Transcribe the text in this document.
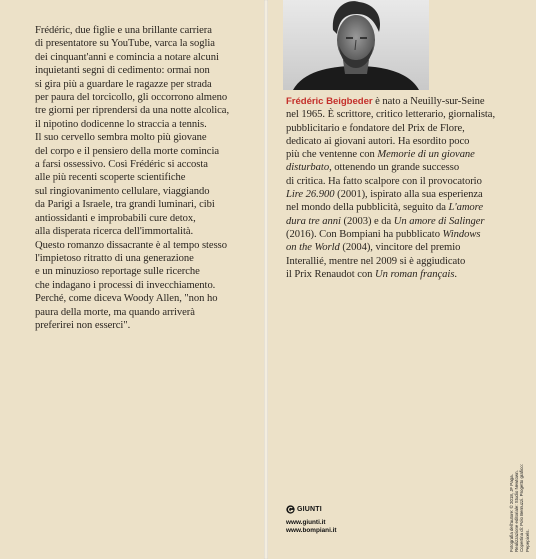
Frédéric, due figlie e una brillante carriera
di presentatore su YouTube, varca la soglia
dei cinquant'anni e comincia a notare alcuni
inquietanti segni di cedimento: ormai non
si gira più a guardare le ragazze per strada
per paura del torcicollo, gli occorrono almeno
tre giorni per riprendersi da una notte alcolica,
il nipotino dodicenne lo straccia a tennis.
Il suo cervello sembra molto più giovane
del corpo e il pensiero della morte comincia
a farsi ossessivo. Così Frédéric si accosta
alle più recenti scoperte scientifiche
sul ringiovanimento cellulare, viaggiando
da Parigi a Israele, tra grandi luminari, cibi
antiossidanti e improbabili cure detox,
alla disperata ricerca dell'immortalità.
Questo romanzo dissacrante è al tempo stesso
l'impietoso ritratto di una generazione
e un minuzioso reportage sulle ricerche
che indagano i processi di invecchiamento.
Perché, come diceva Woody Allen, "non ho
paura della morte, ma quando arriverà
preferirei non esserci".
Frédéric Beigbeder è nato a Neuilly-sur-Seine
nel 1965. È scrittore, critico letterario, giornalista,
pubblicitario e fondatore del Prix de Flore,
dedicato ai giovani autori. Ha esordito poco
più che ventenne con Memorie di un giovane
disturbato, ottenendo un grande successo
di critica. Ha fatto scalpore con il provocatorio
Lire 26.900 (2001), ispirato alla sua esperienza
nel mondo della pubblicità, seguito da L'amore
dura tre anni (2003) e da Un amore di Salinger
(2016). Con Bompiani ha pubblicato Windows
on the World (2004), vincitore del premio
Interallié, mentre nel 2009 si è aggiudicato
il Prix Renaudot con Un roman français.
GIUNTI
www.giunti.it
www.bompiani.it
Fotografia dell'autore: © 2018, JF Paga.
Realizzazione editoriale: Studio Newtown.
Copertina di: Polo Bernuzzi. Progetto grafico: Pepepixels.
